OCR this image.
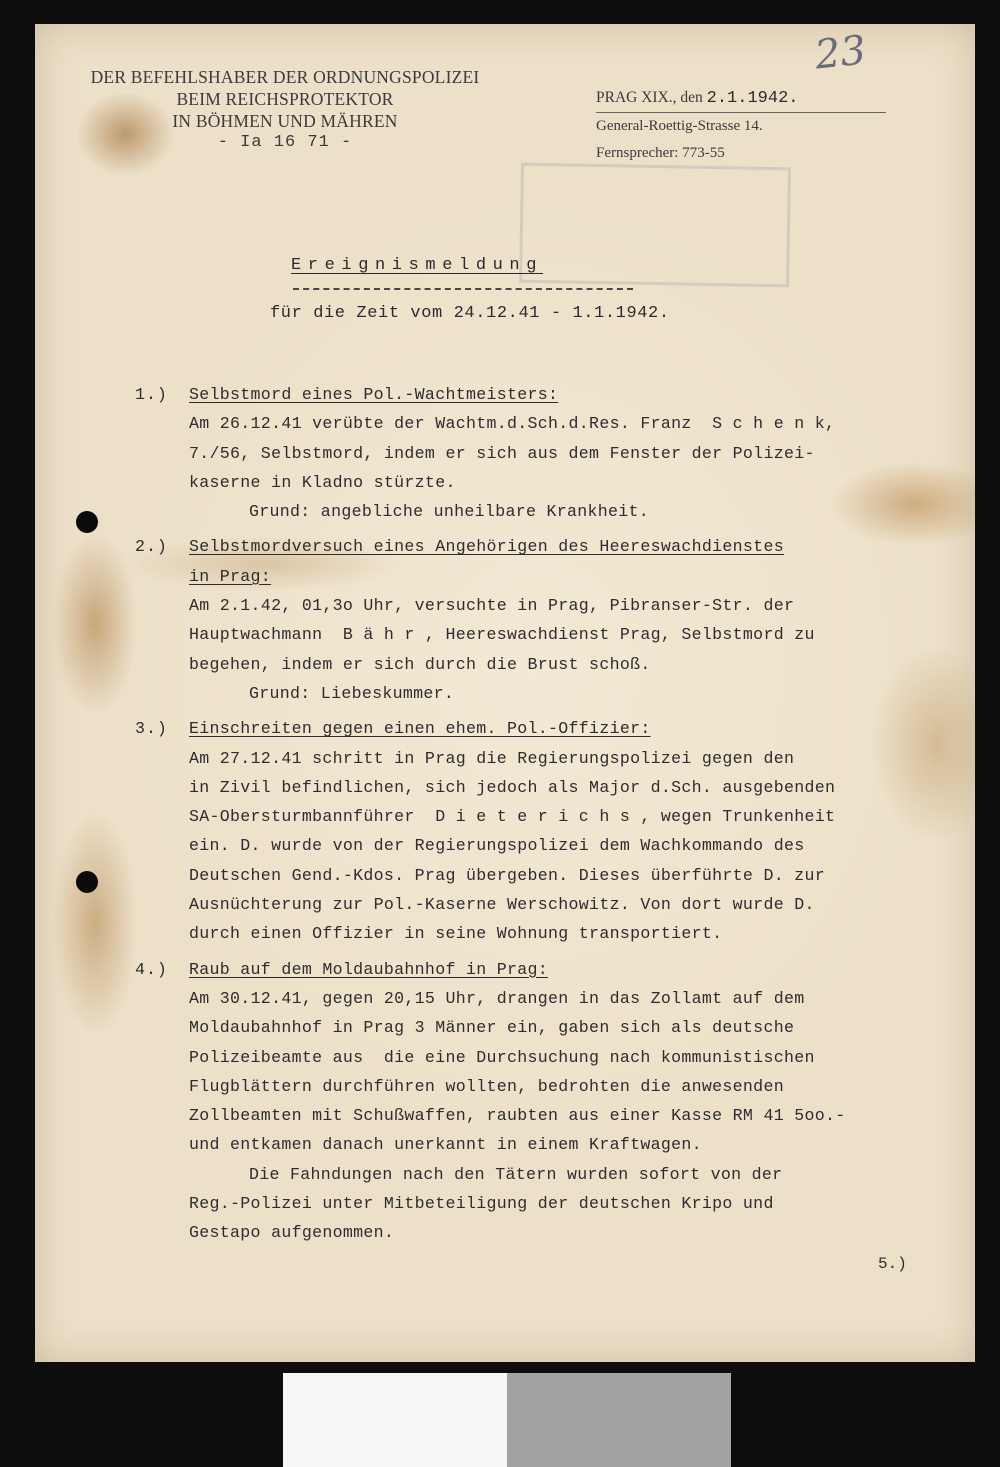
23
DER BEFEHLSHABER DER ORDNUNGSPOLIZEI
BEIM REICHSPROTEKTOR
IN BÖHMEN UND MÄHREN
- Ia 16 71 -
PRAG XIX., den 2.1.1942.
General-Roettig-Strasse 14.
Fernsprecher: 773-55
Ereignismeldung
für die Zeit vom 24.12.41 - 1.1.1942.
1.) Selbstmord eines Pol.-Wachtmeisters:
Am 26.12.41 verübte der Wachtm.d.Sch.d.Res. Franz  S c h e n k,
7./56, Selbstmord, indem er sich aus dem Fenster der Polizei-
kaserne in Kladno stürzte.
Grund: angebliche unheilbare Krankheit.
2.) Selbstmordversuch eines Angehörigen des Heereswachdienstes
in Prag:
Am 2.1.42, 01,3o Uhr, versuchte in Prag, Pibranser-Str. der
Hauptwachmann  B ä h r , Heereswachdienst Prag, Selbstmord zu
begehen, indem er sich durch die Brust schoß.
Grund: Liebeskummer.
3.) Einschreiten gegen einen ehem. Pol.-Offizier:
Am 27.12.41 schritt in Prag die Regierungspolizei gegen den
in Zivil befindlichen, sich jedoch als Major d.Sch. ausgebenden
SA-Obersturmbannführer  D i e t e r i c h s , wegen Trunkenheit
ein. D. wurde von der Regierungspolizei dem Wachkommando des
Deutschen Gend.-Kdos. Prag übergeben. Dieses überführte D. zur
Ausnüchterung zur Pol.-Kaserne Werschowitz. Von dort wurde D.
durch einen Offizier in seine Wohnung transportiert.
4.) Raub auf dem Moldaubahnhof in Prag:
Am 30.12.41, gegen 20,15 Uhr, drangen in das Zollamt auf dem
Moldaubahnhof in Prag 3 Männer ein, gaben sich als deutsche
Polizeibeamte aus  die eine Durchsuchung nach kommunistischen
Flugblättern durchführen wollten, bedrohten die anwesenden
Zollbeamten mit Schußwaffen, raubten aus einer Kasse RM 41 5oo.-
und entkamen danach unerkannt in einem Kraftwagen.
Die Fahndungen nach den Tätern wurden sofort von der
Reg.-Polizei unter Mitbeteiligung der deutschen Kripo und
Gestapo aufgenommen.
5.)
